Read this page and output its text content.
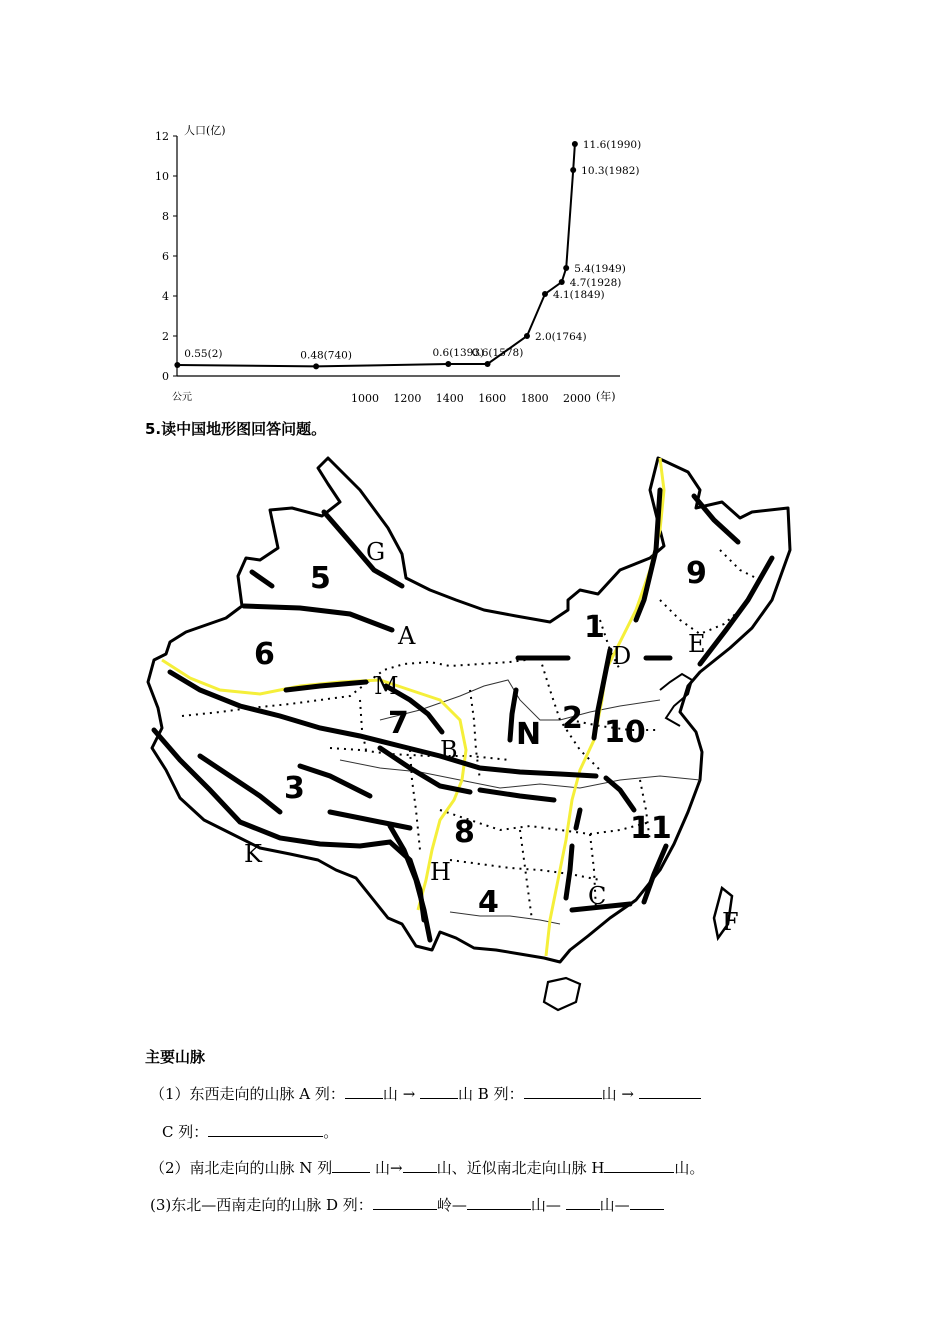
人口(亿)
公元	(年)
0
2
4
6
8
10
12
1000 1200 1400 1600 1800 2000
0.55(2)	0.48(740)	0.6(1393)
0.6(1578)
2.0(1764)
4.1(1849)
4.7(1928)
5.4(1949)
10.3(1982)
11.6(1990)
5.读中国地形图回答问题。
1
2
3
4
5
6
7
8
9
10
11
A
B
C
D E
F
G
H
K
M
N
主要山脉
（1）东西走向的山脉 A 列：	山 →	山 B 列：	山 →
C 列：	。
（2）南北走向的山脉 N 列	山→ 山、近似南北走向山脉 H	山。
(3)东北—西南走向的山脉 D 列：	岭—	山— 山—
